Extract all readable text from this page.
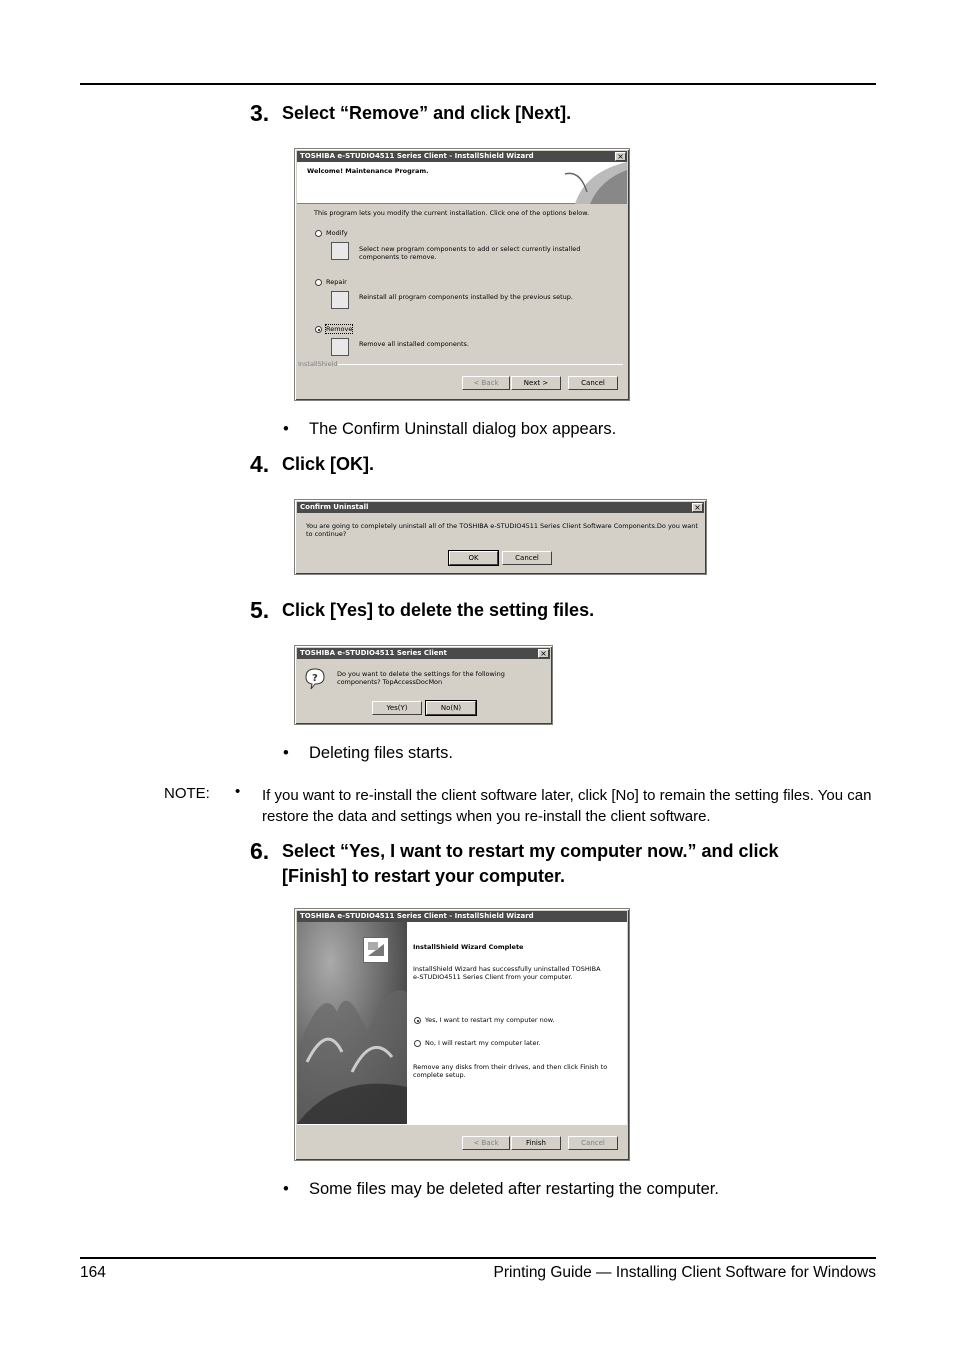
3. Select “Remove” and click [Next].
TOSHIBA e-STUDIO4511 Series Client - InstallShield Wizard	×
Welcome! Maintenance Program.
This program lets you modify the current installation. Click one of the options below.
Modify
Select new program components to add or select currently installed components to remove.
Repair
Reinstall all program components installed by the previous setup.
Remove
Remove all installed components.
InstallShield
< Back	Next >	Cancel
• The Confirm Uninstall dialog box appears.
4. Click [OK].
Confirm Uninstall	×
You are going to completely uninstall all of the TOSHIBA e-STUDIO4511 Series Client Software Components.Do you want to continue?
OK	Cancel
5. Click [Yes] to delete the setting files.
TOSHIBA e-STUDIO4511 Series Client	×
?	Do you want to delete the settings for the following components? TopAccessDocMon
Yes(Y)	No(N)
• Deleting files starts.
NOTE: • If you want to re-install the client software later, click [No] to remain the setting files. You can restore the data and settings when you re-install the client software.
6. Select “Yes, I want to restart my computer now.” and click
[Finish] to restart your computer.
TOSHIBA e-STUDIO4511 Series Client - InstallShield Wizard
InstallShield Wizard Complete
InstallShield Wizard has successfully uninstalled TOSHIBA e-STUDIO4511 Series Client from your computer.
Yes, I want to restart my computer now.
No, I will restart my computer later.
Remove any disks from their drives, and then click Finish to complete setup.
< Back	Finish	Cancel
• Some files may be deleted after restarting the computer.
164	Printing Guide — Installing Client Software for Windows
